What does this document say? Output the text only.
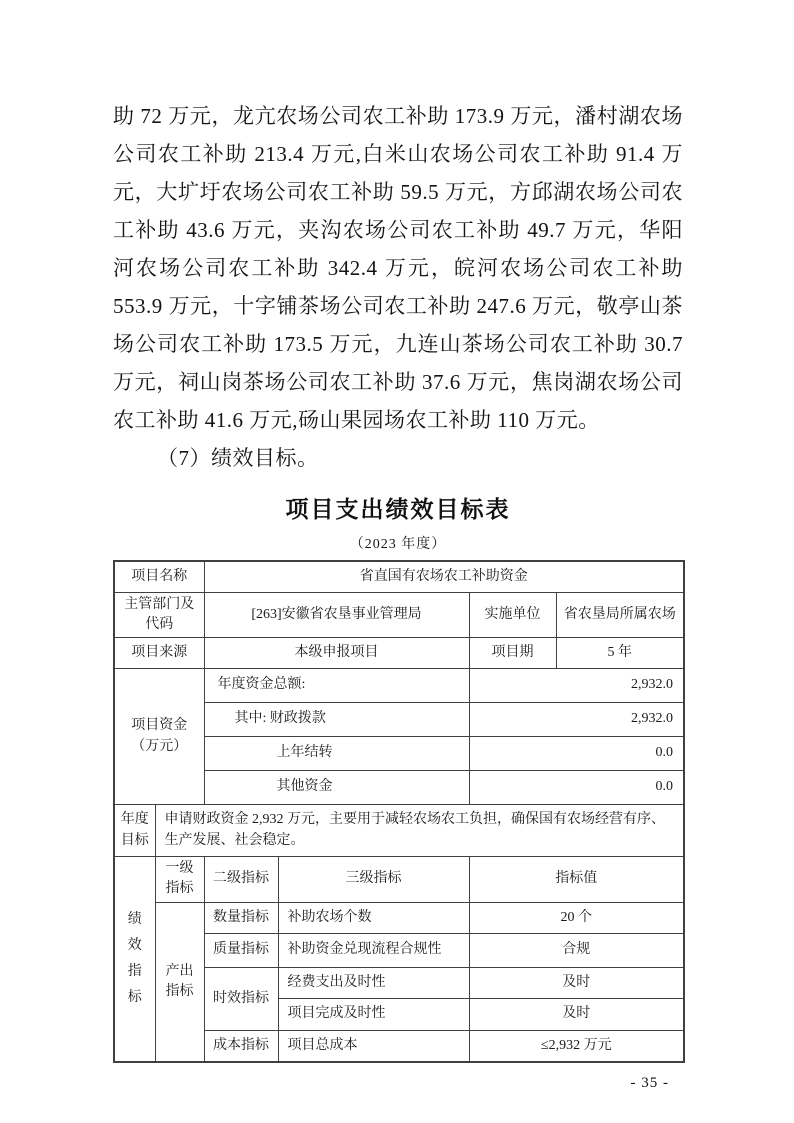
助 72 万元，龙亢农场公司农工补助 173.9 万元，潘村湖农场公司农工补助 213.4 万元,白米山农场公司农工补助 91.4 万元，大圹圩农场公司农工补助 59.5 万元，方邱湖农场公司农工补助 43.6 万元，夹沟农场公司农工补助 49.7 万元，华阳河农场公司农工补助 342.4 万元，皖河农场公司农工补助 553.9 万元，十字铺茶场公司农工补助 247.6 万元，敬亭山茶场公司农工补助 173.5 万元，九连山茶场公司农工补助 30.7 万元，祠山岗茶场公司农工补助 37.6 万元，焦岗湖农场公司农工补助 41.6 万元,砀山果园场农工补助 110 万元。

（7）绩效目标。

项目支出绩效目标表
（2023 年度）
项目名称		省直国有农场农工补助资金			
主管部门及代码		[263]安徽省农垦事业管理局		实施单位	省农垦局所属农场
项目来源		本级申报项目		项目期	5 年

项目资金
（万元）		年度资金总额:		2,932.0	
		其中: 财政拨款		2,932.0	
		上年结转		0.0	
		其他资金		0.0	
年度目标	申请财政资金 2,932 万元，主要用于减轻农场农工负担，确保国有农场经营有序、生产发展、社会稳定。				

绩效指标	一级指标	二级指标	三级指标	指标值	
	产出指标	数量指标	补助农场个数	20 个	
		质量指标	补助资金兑现流程合规性	合规	
		时效指标	经费支出及时性	及时	
			项目完成及时性	及时	
		成本指标	项目总成本	≤2,932 万元	
- 35 -
